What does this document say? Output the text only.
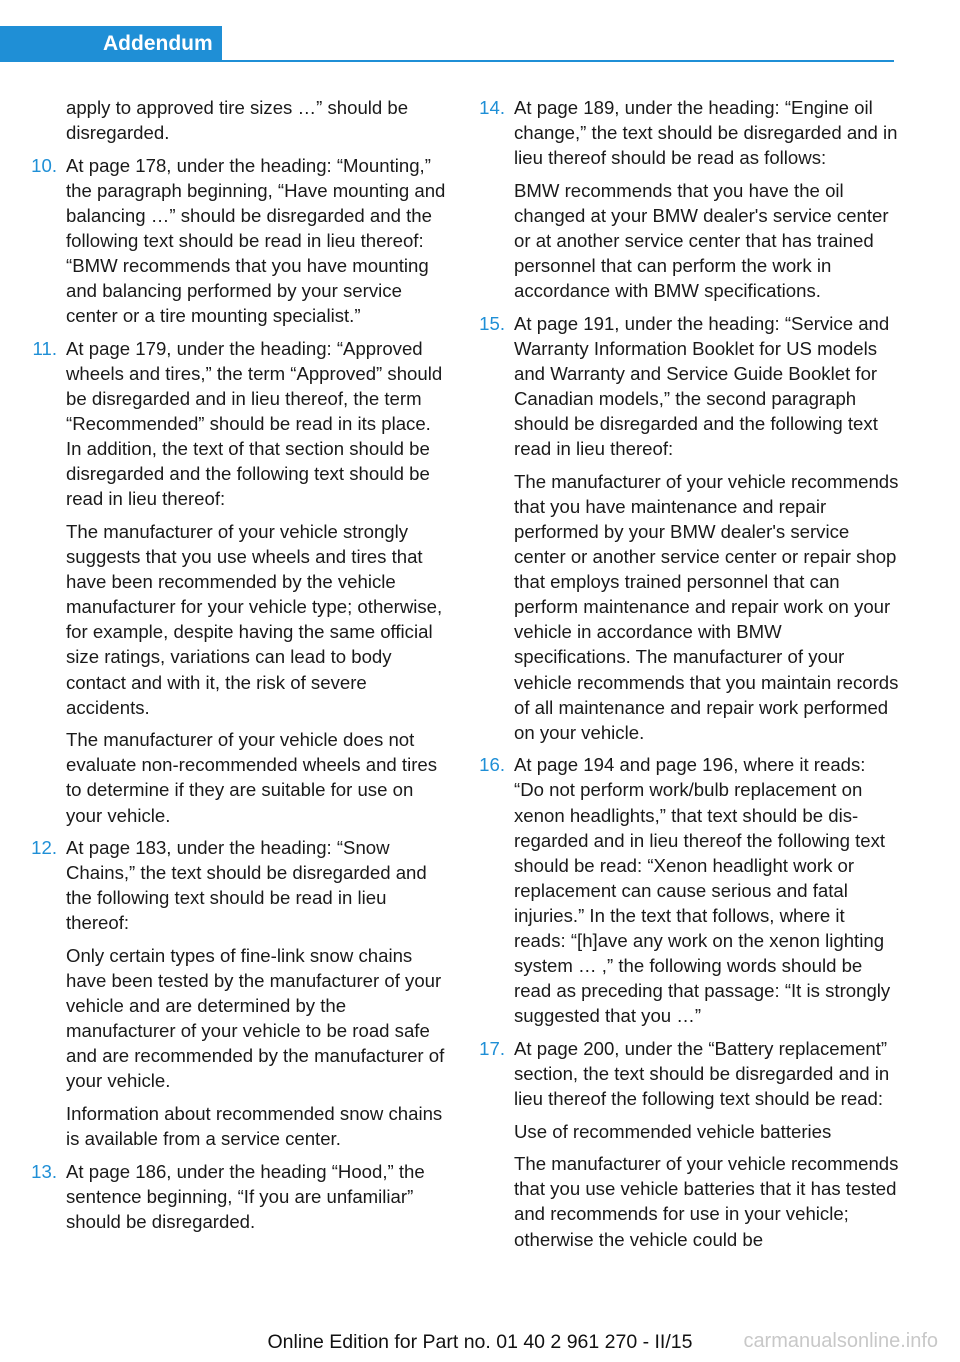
Addendum

apply to approved tire sizes …” should be disregarded.

10. At page 178, under the heading: “Mounting,” the paragraph beginning, “Have mounting and balancing …” should be disregarded and the following text should be read in lieu thereof: “BMW recommends that you have mounting and balancing performed by your service center or a tire mounting specialist.”

11. At page 179, under the heading: “Approved wheels and tires,” the term “Approved” should be disregarded and in lieu thereof, the term “Recommended” should be read in its place. In addition, the text of that section should be disregarded and the following text should be read in lieu thereof:

The manufacturer of your vehicle strongly suggests that you use wheels and tires that have been recommended by the vehicle manufacturer for your vehicle type; otherwise, for example, despite having the same official size ratings, variations can lead to body contact and with it, the risk of severe accidents.

The manufacturer of your vehicle does not evaluate non-recommended wheels and tires to determine if they are suitable for use on your vehicle.

12. At page 183, under the heading: “Snow Chains,” the text should be disregarded and the following text should be read in lieu thereof:

Only certain types of fine-link snow chains have been tested by the manufacturer of your vehicle and are determined by the manufacturer of your vehicle to be road safe and are recommended by the manufacturer of your vehicle.

Information about recommended snow chains is available from a service center.

13. At page 186, under the heading “Hood,” the sentence beginning, “If you are unfamiliar” should be disregarded.

14. At page 189, under the heading: “Engine oil change,” the text should be disregarded and in lieu thereof should be read as follows:

BMW recommends that you have the oil changed at your BMW dealer's service center or at another service center that has trained personnel that can perform the work in accordance with BMW specifications.

15. At page 191, under the heading: “Service and Warranty Information Booklet for US models and Warranty and Service Guide Booklet for Canadian models,” the second paragraph should be disregarded and the following text read in lieu thereof:

The manufacturer of your vehicle recommends that you have maintenance and repair performed by your BMW dealer's service center or another service center or repair shop that employs trained personnel that can perform maintenance and repair work on your vehicle in accordance with BMW specifications. The manufacturer of your vehicle recommends that you maintain records of all maintenance and repair work performed on your vehicle.

16. At page 194 and page 196, where it reads: “Do not perform work/bulb replacement on xenon headlights,” that text should be disregarded and in lieu thereof the following text should be read: “Xenon headlight work or replacement can cause serious and fatal injuries.” In the text that follows, where it reads: “[h]ave any work on the xenon lighting system … ,” the following words should be read as preceding that passage: “It is strongly suggested that you …”

17. At page 200, under the “Battery replacement” section, the text should be disregarded and in lieu thereof the following text should be read:

Use of recommended vehicle batteries

The manufacturer of your vehicle recommends that you use vehicle batteries that it has tested and recommends for use in your vehicle; otherwise the vehicle could be

Online Edition for Part no. 01 40 2 961 270 - II/15	carmanualsonline.info
